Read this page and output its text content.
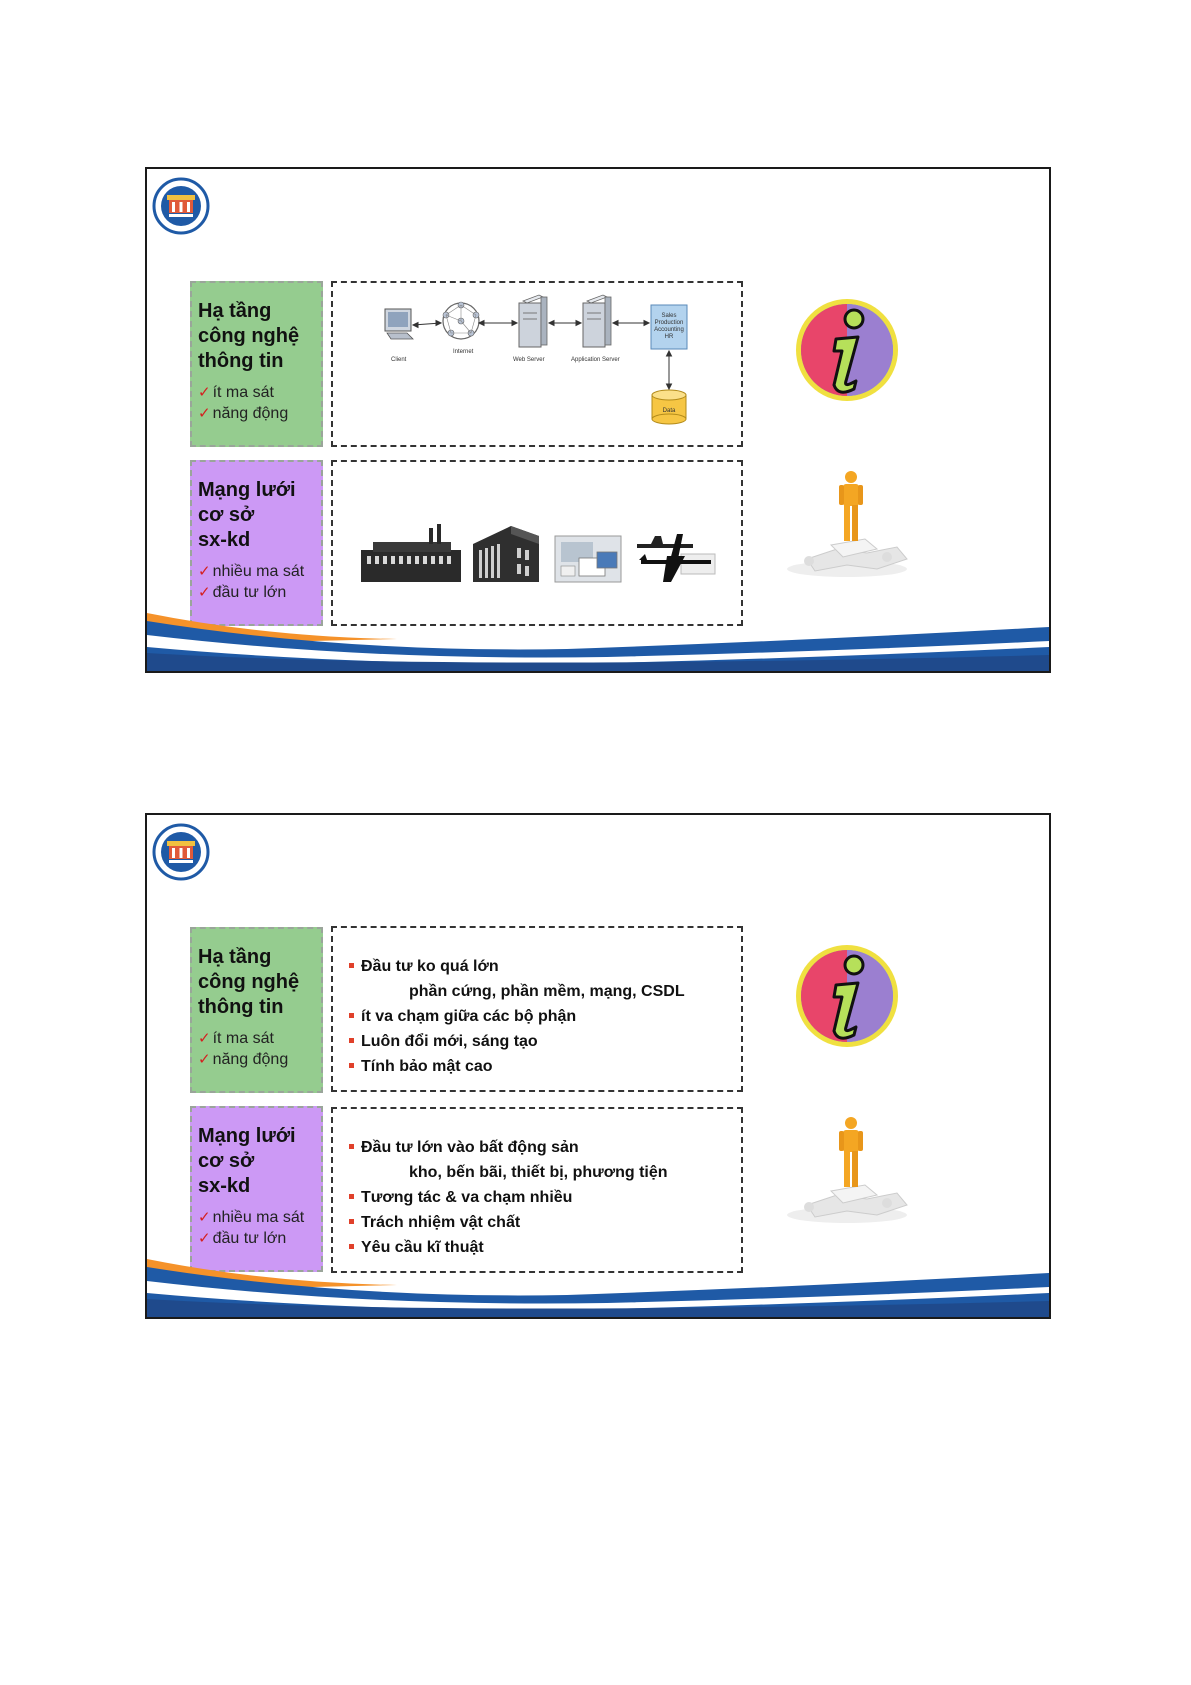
Hạ tầng
công nghệ
thông tin
✓ ít ma sát
✓ năng động
Client
Internet
Web Server	Application Server
Sales
Production
Accounting
HR
Data
Mạng lưới
cơ sở
sx-kd
✓ nhiều ma sát
✓ đầu tư lớn
Hạ tầng
công nghệ
thông tin
✓ ít ma sát
✓ năng động
Đầu tư ko quá lớn
phần cứng, phần mềm, mạng, CSDL
ít va chạm giữa các bộ phận
Luôn đổi mới, sáng tạo
Tính bảo mật cao
Mạng lưới
cơ sở
sx-kd
✓ nhiều ma sát
✓ đầu tư lớn
Đầu tư lớn vào bất động sản
kho, bến bãi, thiết bị, phương tiện
Tương tác & va chạm nhiều
Trách nhiệm vật chất
Yêu cầu kĩ thuật
